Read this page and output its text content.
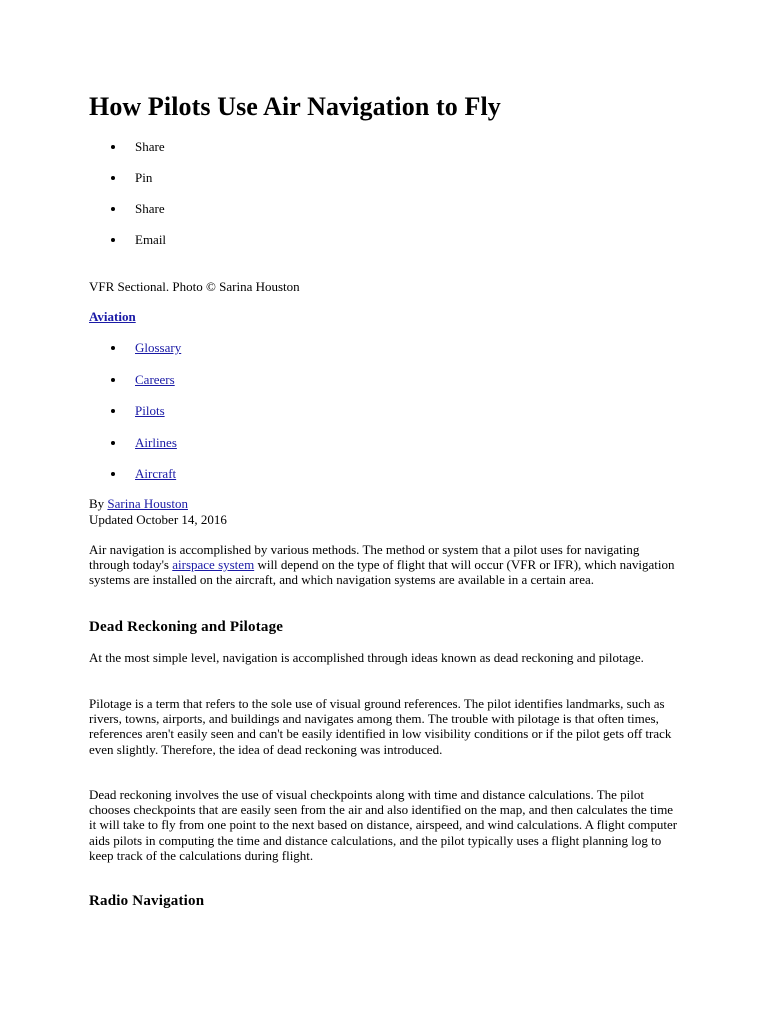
How Pilots Use Air Navigation to Fly
Share
Pin
Share
Email
VFR Sectional. Photo © Sarina Houston
Aviation
Glossary
Careers
Pilots
Airlines
Aircraft
By Sarina Houston
Updated October 14, 2016

Air navigation is accomplished by various methods. The method or system that a pilot uses for navigating through today's airspace system will depend on the type of flight that will occur (VFR or IFR), which navigation systems are installed on the aircraft, and which navigation systems are available in a certain area.

Dead Reckoning and Pilotage

At the most simple level, navigation is accomplished through ideas known as dead reckoning and pilotage.

Pilotage is a term that refers to the sole use of visual ground references. The pilot identifies landmarks, such as rivers, towns, airports, and buildings and navigates among them. The trouble with pilotage is that often times, references aren't easily seen and can't be easily identified in low visibility conditions or if the pilot gets off track even slightly. Therefore, the idea of dead reckoning was introduced.

Dead reckoning involves the use of visual checkpoints along with time and distance calculations. The pilot chooses checkpoints that are easily seen from the air and also identified on the map, and then calculates the time it will take to fly from one point to the next based on distance, airspeed, and wind calculations. A flight computer aids pilots in computing the time and distance calculations, and the pilot typically uses a flight planning log to keep track of the calculations during flight.

Radio Navigation
